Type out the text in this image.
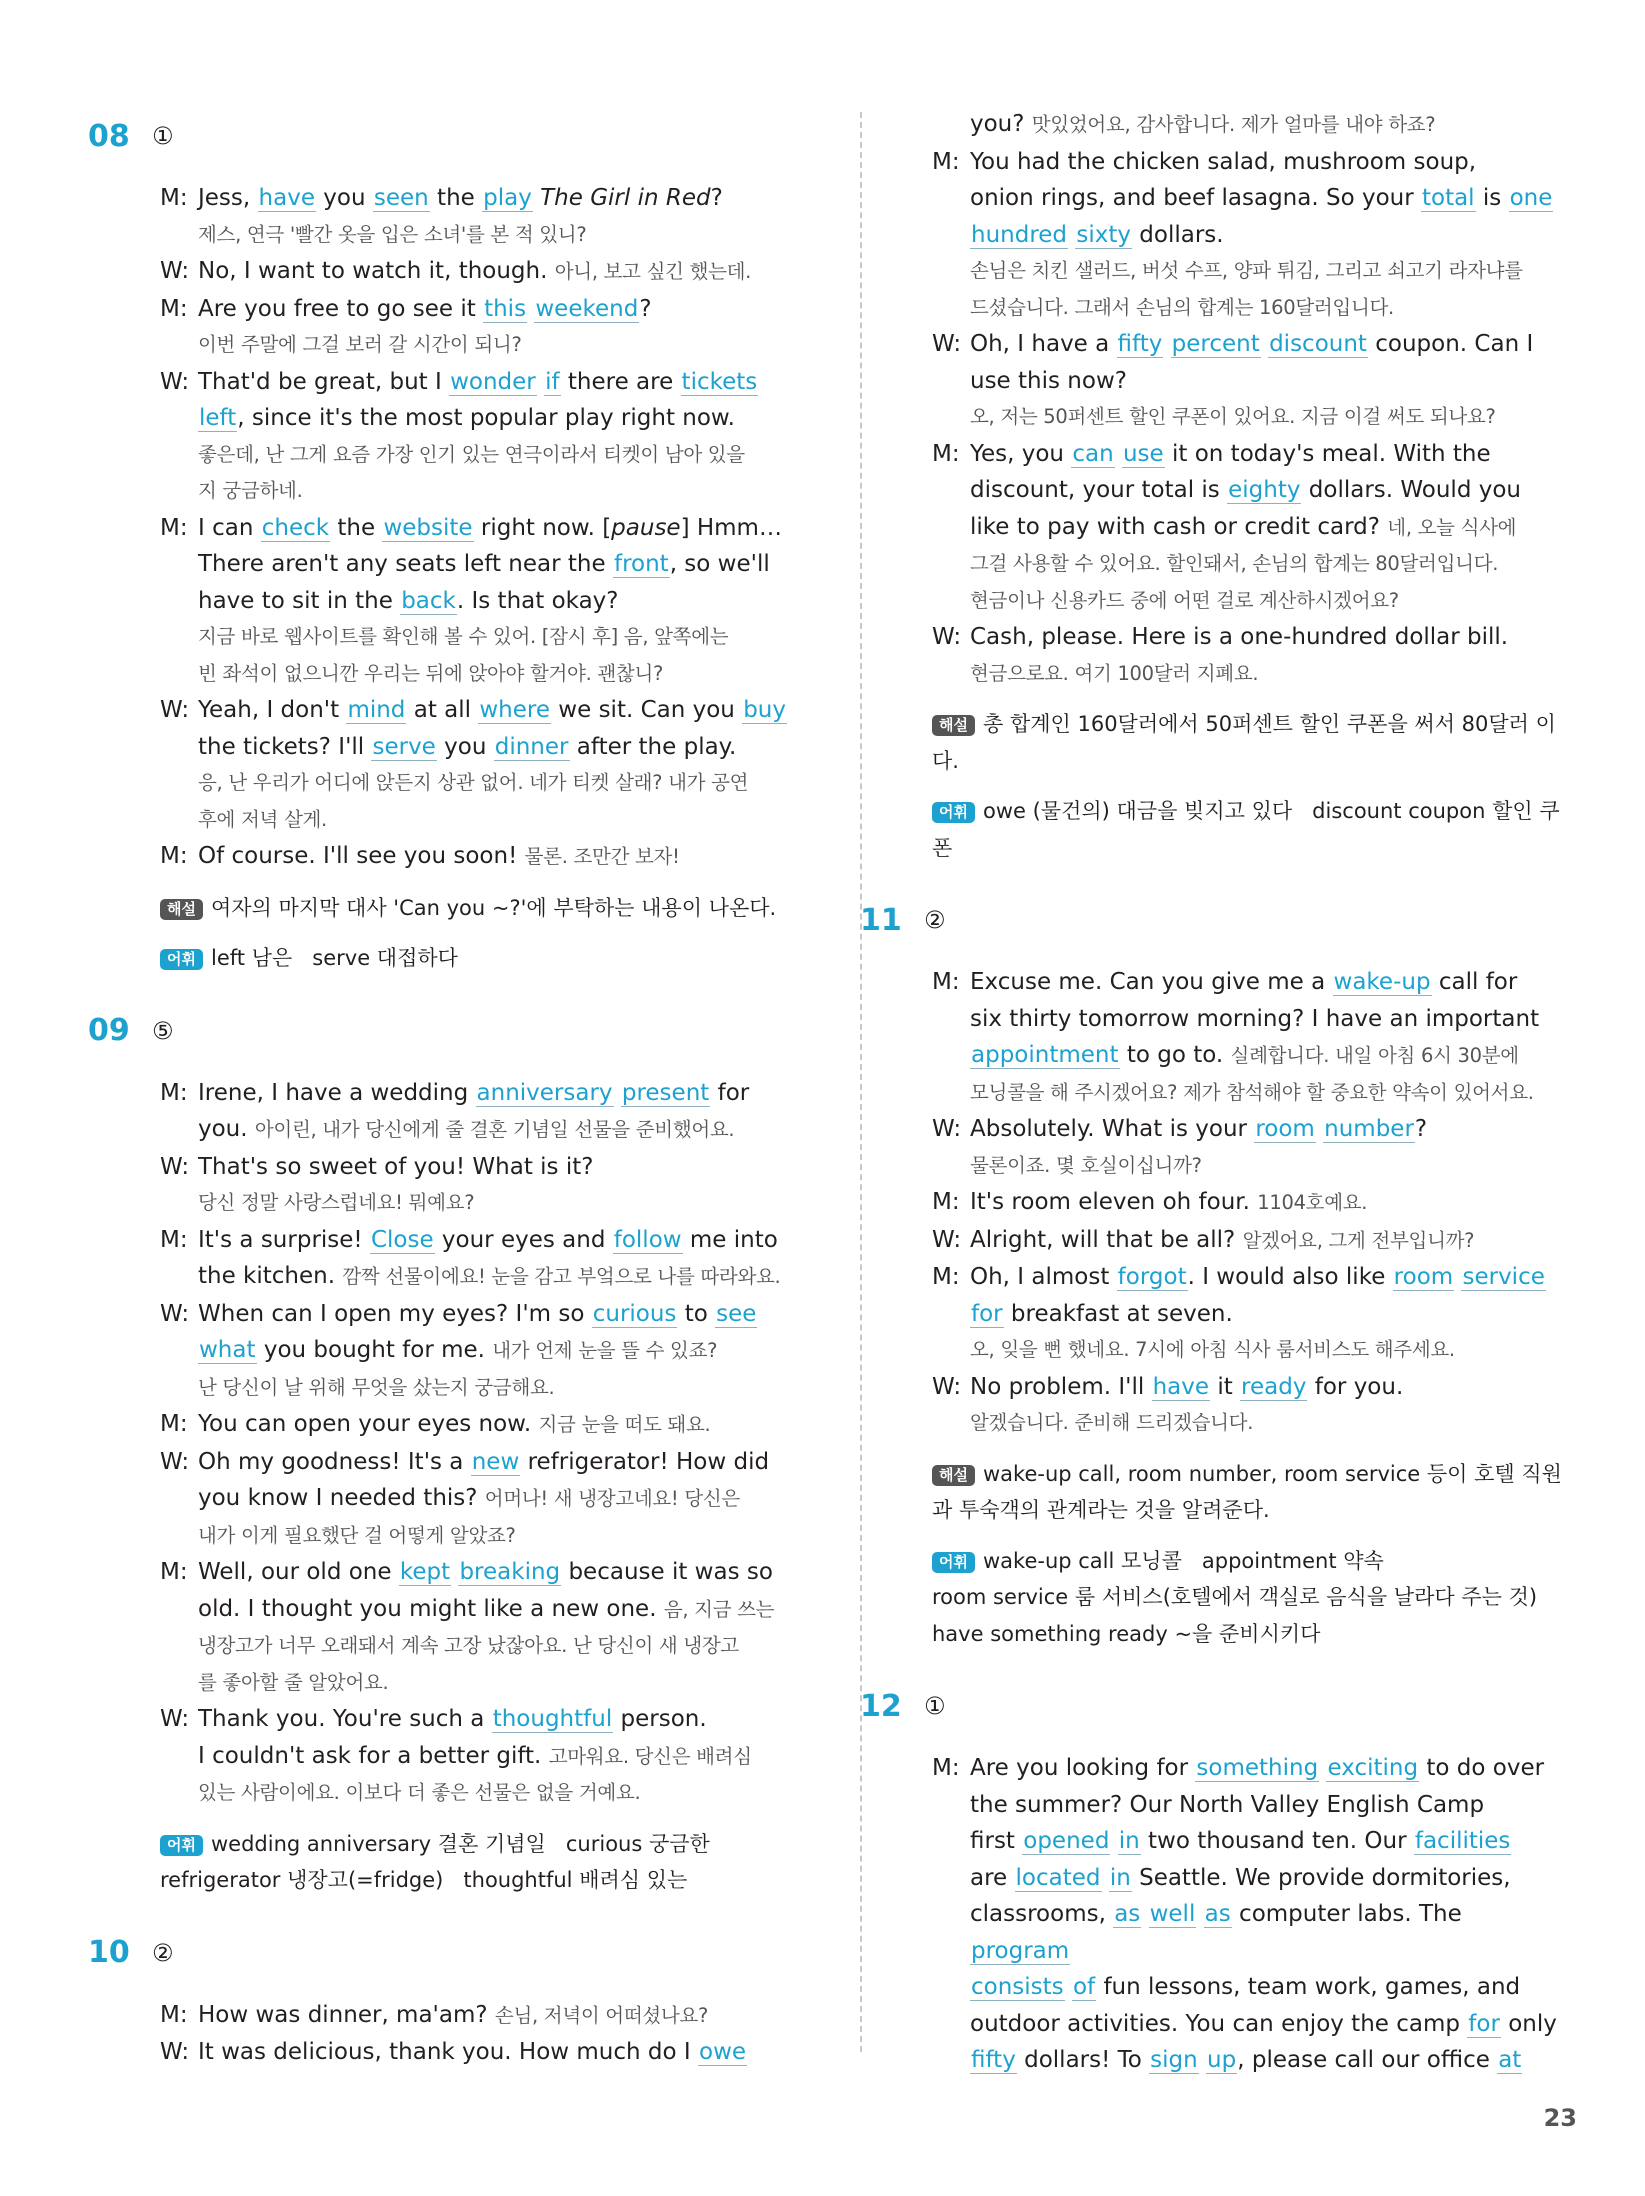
08 ①
M: Jess, have you seen the play The Girl in Red?
제스, 연극 '빨간 옷을 입은 소녀'를 본 적 있니?
W: No, I want to watch it, though. 아니, 보고 싶긴 했는데.
M: Are you free to go see it this weekend?
이번 주말에 그걸 보러 갈 시간이 되니?
W: That'd be great, but I wonder if there are tickets
left, since it's the most popular play right now.
좋은데, 난 그게 요즘 가장 인기 있는 연극이라서 티켓이 남아 있을
지 궁금하네.
M: I can check the website right now. [pause] Hmm…
There aren't any seats left near the front, so we'll
have to sit in the back. Is that okay?
지금 바로 웹사이트를 확인해 볼 수 있어. [잠시 후] 음, 앞쪽에는
빈 좌석이 없으니깐 우리는 뒤에 앉아야 할거야. 괜찮니?
W: Yeah, I don't mind at all where we sit. Can you buy
the tickets? I'll serve you dinner after the play.
응, 난 우리가 어디에 앉든지 상관 없어. 네가 티켓 살래? 내가 공연
후에 저녁 살게.
M: Of course. I'll see you soon! 물론. 조만간 보자!
해설 여자의 마지막 대사 'Can you ~?'에 부탁하는 내용이 나온다.
어휘 left 남은 serve 대접하다
09 ⑤
M: Irene, I have a wedding anniversary present for
you. 아이린, 내가 당신에게 줄 결혼 기념일 선물을 준비했어요.
W: That's so sweet of you! What is it?
당신 정말 사랑스럽네요! 뭐예요?
M: It's a surprise! Close your eyes and follow me into
the kitchen. 깜짝 선물이에요! 눈을 감고 부엌으로 나를 따라와요.
W: When can I open my eyes? I'm so curious to see
what you bought for me. 내가 언제 눈을 뜰 수 있죠?
난 당신이 날 위해 무엇을 샀는지 궁금해요.
M: You can open your eyes now. 지금 눈을 떠도 돼요.
W: Oh my goodness! It's a new refrigerator! How did
you know I needed this? 어머나! 새 냉장고네요! 당신은
내가 이게 필요했단 걸 어떻게 알았죠?
M: Well, our old one kept breaking because it was so
old. I thought you might like a new one. 음, 지금 쓰는
냉장고가 너무 오래돼서 계속 고장 났잖아요. 난 당신이 새 냉장고
를 좋아할 줄 알았어요.
W: Thank you. You're such a thoughtful person.
I couldn't ask for a better gift. 고마워요. 당신은 배려심
있는 사람이에요. 이보다 더 좋은 선물은 없을 거예요.
어휘 wedding anniversary 결혼 기념일   curious 궁금한
refrigerator 냉장고(=fridge)   thoughtful 배려심 있는
10 ②
M: How was dinner, ma'am? 손님, 저녁이 어떠셨나요?
W: It was delicious, thank you. How much do I owe
you? 맛있었어요, 감사합니다. 제가 얼마를 내야 하죠?
M: You had the chicken salad, mushroom soup,
onion rings, and beef lasagna. So your total is one
hundred sixty dollars.
손님은 치킨 샐러드, 버섯 수프, 양파 튀김, 그리고 쇠고기 라자냐를
드셨습니다. 그래서 손님의 합계는 160달러입니다.
W: Oh, I have a fifty percent discount coupon. Can I
use this now?
오, 저는 50퍼센트 할인 쿠폰이 있어요. 지금 이걸 써도 되나요?
M: Yes, you can use it on today's meal. With the
discount, your total is eighty dollars. Would you
like to pay with cash or credit card? 네, 오늘 식사에
그걸 사용할 수 있어요. 할인돼서, 손님의 합계는 80달러입니다.
현금이나 신용카드 중에 어떤 걸로 계산하시겠어요?
W: Cash, please. Here is a one-hundred dollar bill.
현금으로요. 여기 100달러 지폐요.
해설 총 합계인 160달러에서 50퍼센트 할인 쿠폰을 써서 80달러 이다.
어휘 owe (물건의) 대금을 빚지고 있다   discount coupon 할인 쿠폰
11 ②
M: Excuse me. Can you give me a wake-up call for
six thirty tomorrow morning? I have an important
appointment to go to. 실례합니다. 내일 아침 6시 30분에
모닝콜을 해 주시겠어요? 제가 참석해야 할 중요한 약속이 있어서요.
W: Absolutely. What is your room number?
물론이죠. 몇 호실이십니까?
M: It's room eleven oh four. 1104호예요.
W: Alright, will that be all? 알겠어요, 그게 전부입니까?
M: Oh, I almost forgot. I would also like room service
for breakfast at seven.
오, 잊을 뻔 했네요. 7시에 아침 식사 룸서비스도 해주세요.
W: No problem. I'll have it ready for you.
알겠습니다. 준비해 드리겠습니다.
해설 wake-up call, room number, room service 등이 호텔 직원과 투숙객의 관계라는 것을 알려준다.
어휘 wake-up call 모닝콜   appointment 약속
room service 룸 서비스(호텔에서 객실로 음식을 날라다 주는 것)
have something ready ~을 준비시키다
12 ①
M: Are you looking for something exciting to do over
the summer? Our North Valley English Camp
first opened in two thousand ten. Our facilities
are located in Seattle. We provide dormitories,
classrooms, as well as computer labs. The program
consists of fun lessons, team work, games, and
outdoor activities. You can enjoy the camp for only
fifty dollars! To sign up, please call our office at
23
